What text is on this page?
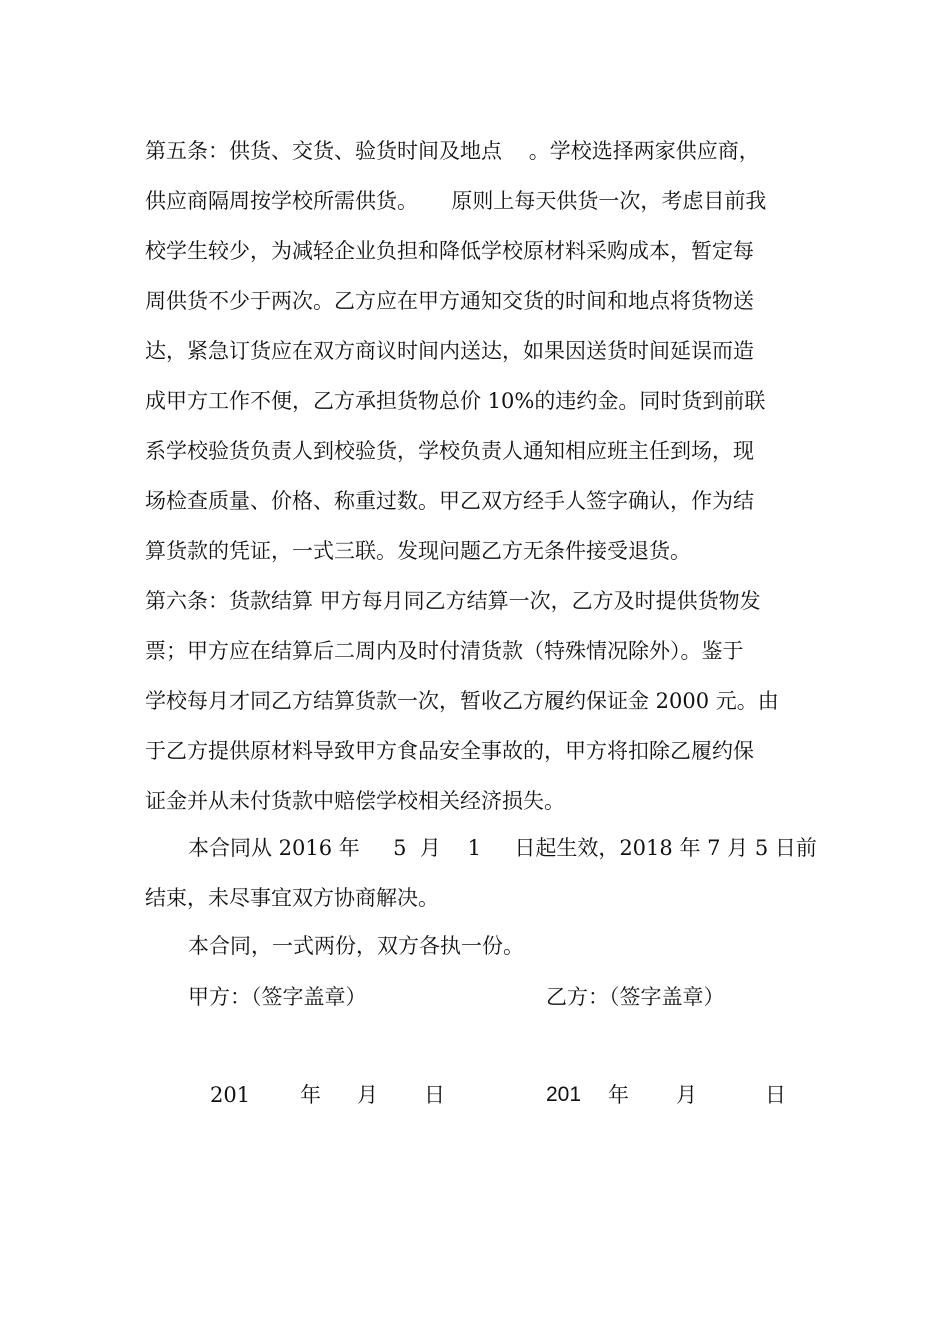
第五条：供货、交货、验货时间及地点    。学校选择两家供应商，
供应商隔周按学校所需供货。     原则上每天供货一次，考虑目前我
校学生较少，为减轻企业负担和降低学校原材料采购成本，暂定每
周供货不少于两次。乙方应在甲方通知交货的时间和地点将货物送
达，紧急订货应在双方商议时间内送达，如果因送货时间延误而造
成甲方工作不便，乙方承担货物总价 10%的违约金。同时货到前联
系学校验货负责人到校验货，学校负责人通知相应班主任到场，现
场检查质量、价格、称重过数。甲乙双方经手人签字确认，作为结
算货款的凭证，一式三联。发现问题乙方无条件接受退货。
第六条：货款结算 甲方每月同乙方结算一次，乙方及时提供货物发
票；甲方应在结算后二周内及时付清货款（特殊情况除外）。鉴于
学校每月才同乙方结算货款一次，暂收乙方履约保证金 2000 元。由
于乙方提供原材料导致甲方食品安全事故的，甲方将扣除乙履约保
证金并从未付货款中赔偿学校相关经济损失。
本合同从 2016 年     5  月    1     日起生效，2018 年 7 月 5 日前
结束，未尽事宜双方协商解决。
本合同，一式两份，双方各执一份。
甲方：（签字盖章）	乙方：（签字盖章）
201 年 月 日	201 年 月	日
